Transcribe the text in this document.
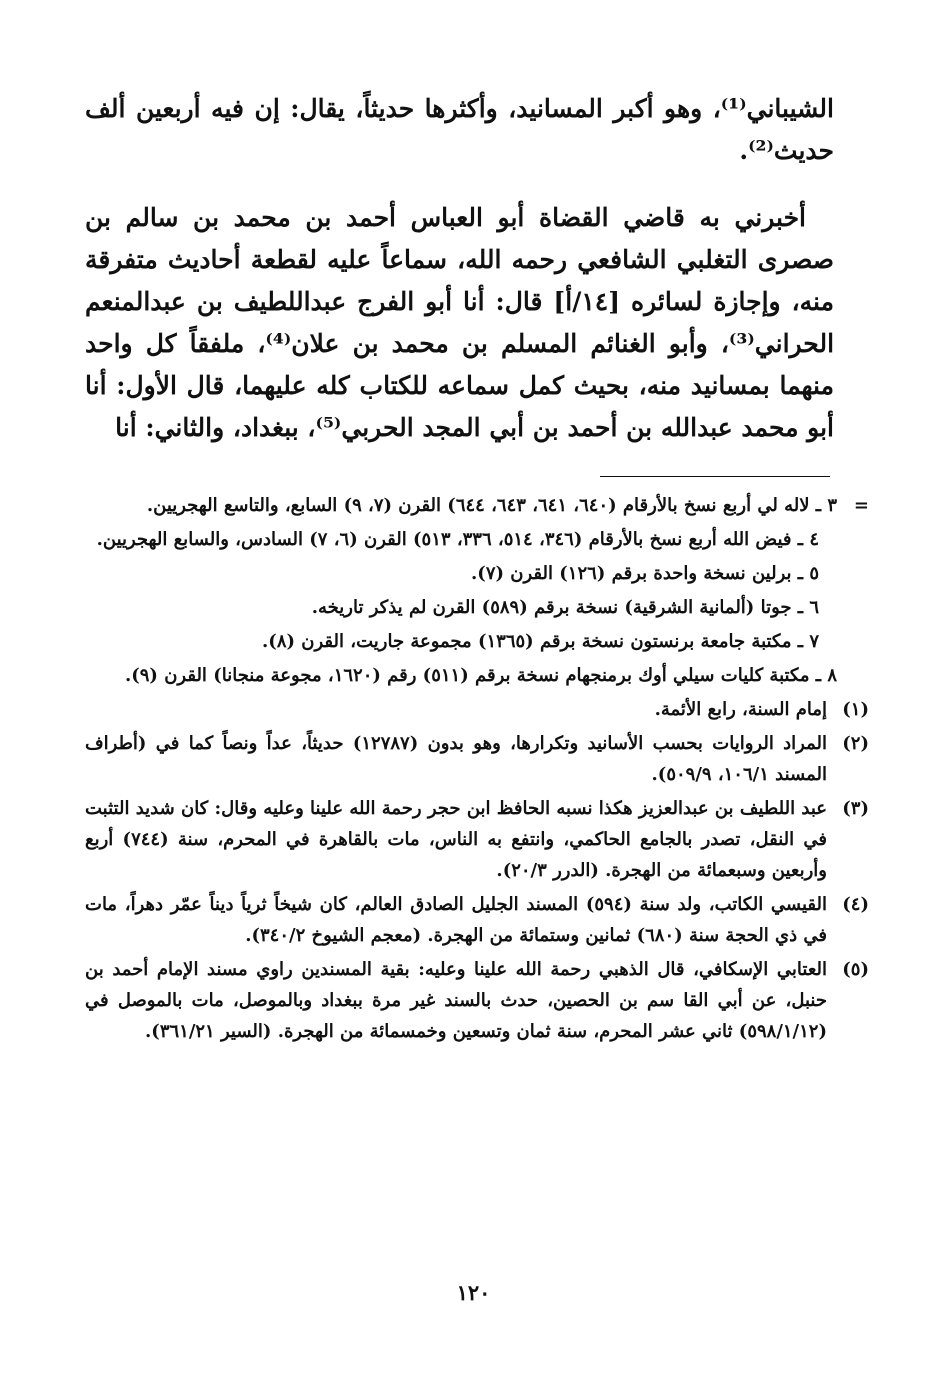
الشيباني⁽¹⁾، وهو أكبر المسانيد، وأكثرها حديثاً، يقال: إن فيه أربعين ألف حديث⁽²⁾.

أخبرني به قاضي القضاة أبو العباس أحمد بن محمد بن سالم بن صصرى التغلبي الشافعي رحمه الله، سماعاً عليه لقطعة أحاديث متفرقة منه، وإجازة لسائره [١٤/أ] قال: أنا أبو الفرج عبداللطيف بن عبدالمنعم الحراني⁽³⁾، وأبو الغنائم المسلم بن محمد بن علان⁽⁴⁾، ملفقاً كل واحد منهما بمسانيد منه، بحيث كمل سماعه للكتاب كله عليهما، قال الأول: أنا أبو محمد عبدالله بن أحمد بن أبي المجد الحربي⁽⁵⁾، ببغداد، والثاني: أنا

=
٣ ـ لاله لي أربع نسخ بالأرقام (٦٤٠، ٦٤١، ٦٤٣، ٦٤٤) القرن (٧، ٩) السابع، والتاسع الهجريين.
٤ ـ فيض الله أربع نسخ بالأرقام (٣٤٦، ٥١٤، ٣٣٦، ٥١٣) القرن (٦، ٧) السادس، والسابع الهجريين.
٥ ـ برلين نسخة واحدة برقم (١٢٦) القرن (٧).
٦ ـ جوتا (ألمانية الشرقية) نسخة برقم (٥٨٩) القرن لم يذكر تاريخه.
٧ ـ مكتبة جامعة برنستون نسخة برقم (١٣٦٥) مجموعة جاريت، القرن (٨).
٨ ـ مكتبة كليات سيلي أوك برمنجهام نسخة برقم (٥١١) رقم (١٦٢٠، مجوعة منجانا) القرن (٩).
(١)
إمام السنة، رابع الأئمة.
(٢)
المراد الروايات بحسب الأسانيد وتكرارها، وهو بدون (١٢٧٨٧) حديثاً، عداً ونصاً كما في (أطراف المسند ١٠٦/١، ٥٠٩/٩).
(٣)
عبد اللطيف بن عبدالعزيز هكذا نسبه الحافظ ابن حجر رحمة الله علينا وعليه وقال: كان شديد التثبت في النقل، تصدر بالجامع الحاكمي، وانتفع به الناس، مات بالقاهرة في المحرم، سنة (٧٤٤) أربع وأربعين وسبعمائة من الهجرة. (الدرر ٢٠/٣).
(٤)
القيسي الكاتب، ولد سنة (٥٩٤) المسند الجليل الصادق العالم، كان شيخاً ثرياً ديناً عمّر دهراً، مات في ذي الحجة سنة (٦٨٠) ثمانين وستمائة من الهجرة. (معجم الشيوخ ٣٤٠/٢).
(٥)
العتابي الإسكافي، قال الذهبي رحمة الله علينا وعليه: بقية المسندين راوي مسند الإمام أحمد بن حنبل، عن أبي القا سم بن الحصين، حدث بالسند غير مرة ببغداد وبالموصل، مات بالموصل في (٥٩٨/١/١٢) ثاني عشر المحرم، سنة ثمان وتسعين وخمسمائة من الهجرة. (السير ٣٦١/٢١).
١٢٠
